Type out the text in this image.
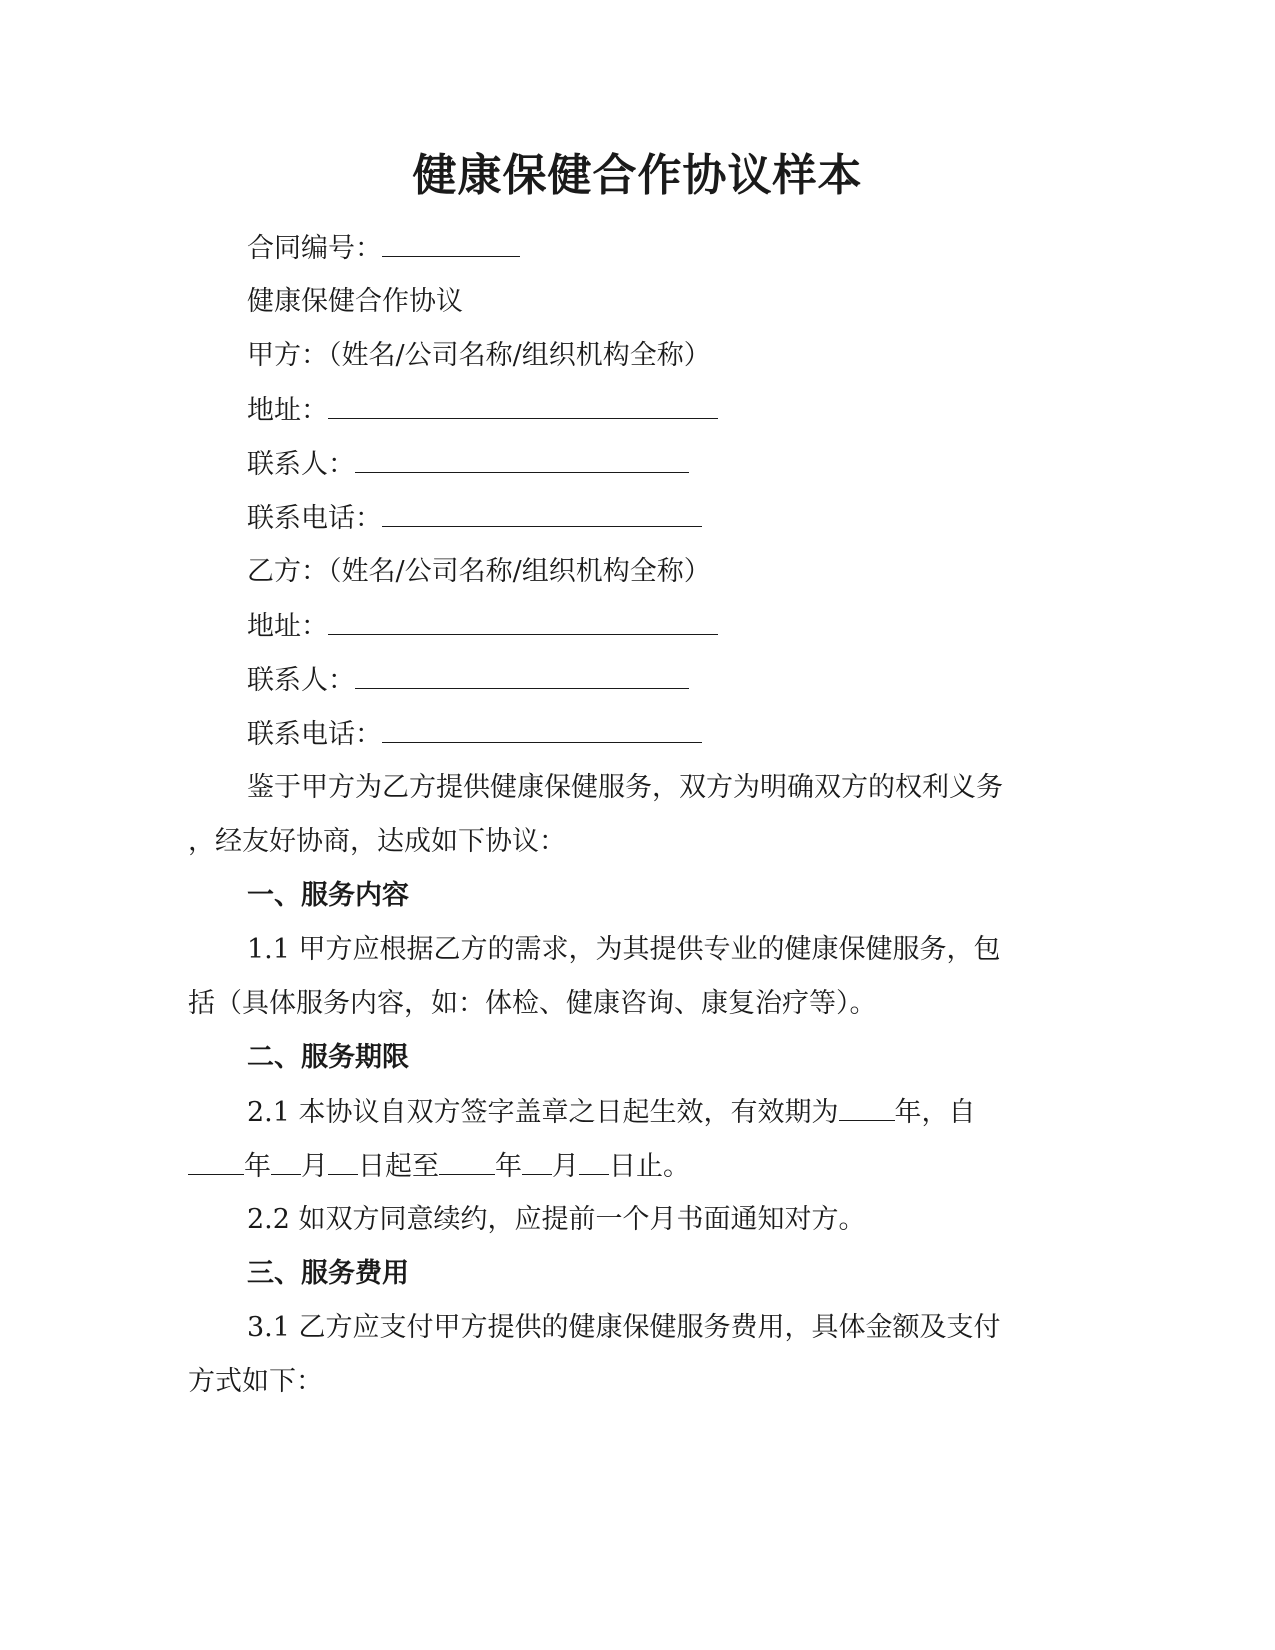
健康保健合作协议样本

合同编号：

健康保健合作协议

甲方：（姓名/公司名称/组织机构全称）

地址：

联系人：

联系电话：

乙方：（姓名/公司名称/组织机构全称）

地址：

联系人：

联系电话：

鉴于甲方为乙方提供健康保健服务，双方为明确双方的权利义务

，经友好协商，达成如下协议：

一、服务内容

1.1 甲方应根据乙方的需求，为其提供专业的健康保健服务，包

括（具体服务内容，如：体检、健康咨询、康复治疗等）。

二、服务期限

2.1 本协议自双方签字盖章之日起生效，有效期为 年，自

年 月 日起至 年 月 日止。

2.2 如双方同意续约，应提前一个月书面通知对方。

三、服务费用

3.1 乙方应支付甲方提供的健康保健服务费用，具体金额及支付

方式如下：
